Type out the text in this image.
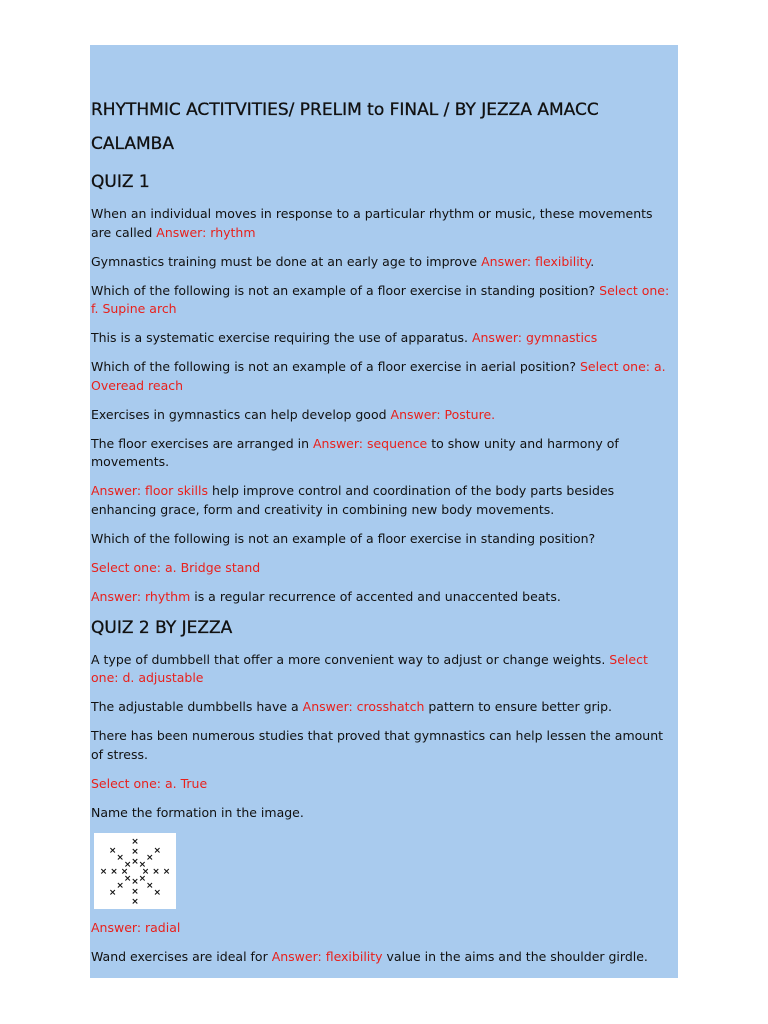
RHYTHMIC ACTITVITIES/ PRELIM to FINAL / BY JEZZA AMACC CALAMBA
QUIZ 1

When an individual moves in response to a particular rhythm or music, these movements are called Answer: rhythm

Gymnastics training must be done at an early age to improve Answer: flexibility.

Which of the following is not an example of a floor exercise in standing position? Select one: f. Supine arch

This is a systematic exercise requiring the use of apparatus. Answer: gymnastics

Which of the following is not an example of a floor exercise in aerial position? Select one: a. Overead reach

Exercises in gymnastics can help develop good Answer: Posture.

The floor exercises are arranged in Answer: sequence to show unity and harmony of movements.

Answer: floor skills help improve control and coordination of the body parts besides enhancing grace, form and creativity in combining new body movements.

Which of the following is not an example of a floor exercise in standing position?

Select one: a. Bridge stand

Answer: rhythm is a regular recurrence of accented and unaccented beats.

QUIZ 2 BY JEZZA

A type of dumbbell that offer a more convenient way to adjust or change weights. Select one: d. adjustable

The adjustable dumbbells have a Answer: crosshatch pattern to ensure better grip.

There has been numerous studies that proved that gymnastics can help lessen the amount of stress.

Select one: a. True

Name the formation in the image.

× × ×
×
×
×
×
×
×
×
×
×
×
×
×
×
×
×
×
×
×
×
×
×

Answer: radial

Wand exercises are ideal for Answer: flexibility value in the aims and the shoulder girdle.
